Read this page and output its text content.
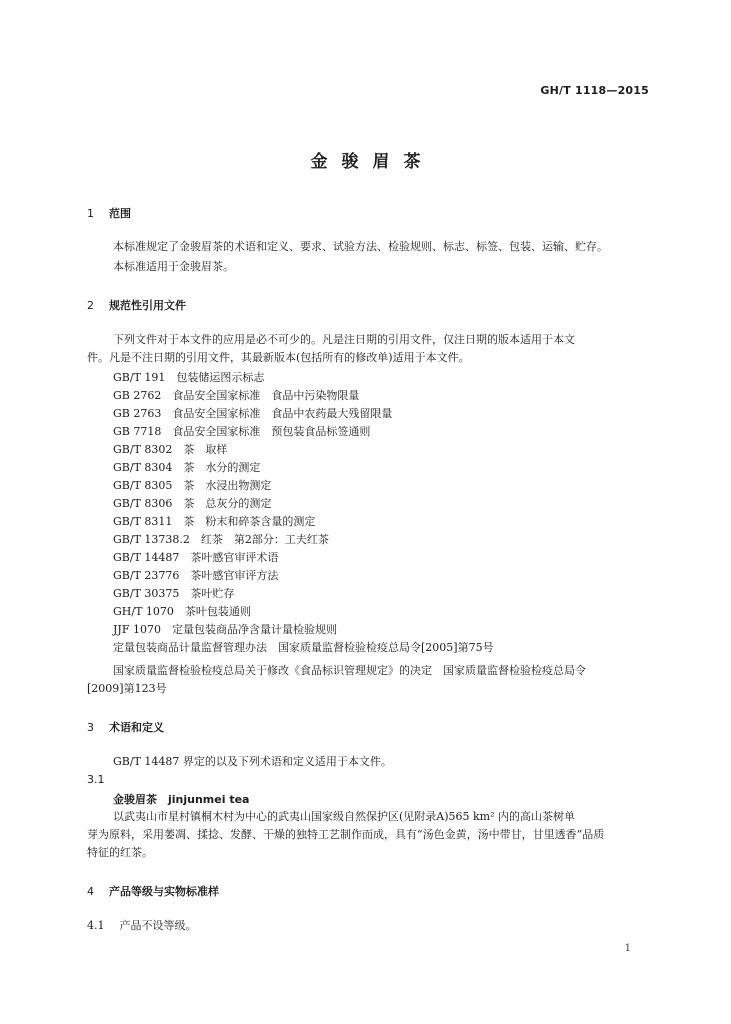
GH/T 1118—2015
金骏眉茶
1 范围
本标准规定了金骏眉茶的术语和定义、要求、试验方法、检验规则、标志、标签、包装、运输、贮存。
本标准适用于金骏眉茶。
2 规范性引用文件
下列文件对于本文件的应用是必不可少的。凡是注日期的引用文件，仅注日期的版本适用于本文
件。凡是不注日期的引用文件，其最新版本(包括所有的修改单)适用于本文件。
GB/T 191　包装储运图示标志
GB 2762　食品安全国家标准　食品中污染物限量
GB 2763　食品安全国家标准　食品中农药最大残留限量
GB 7718　食品安全国家标准　预包装食品标签通则
GB/T 8302　茶　取样
GB/T 8304　茶　水分的测定
GB/T 8305　茶　水浸出物测定
GB/T 8306　茶　总灰分的测定
GB/T 8311　茶　粉末和碎茶含量的测定
GB/T 13738.2　红茶　第2部分：工夫红茶
GB/T 14487　茶叶感官审评术语
GB/T 23776　茶叶感官审评方法
GB/T 30375　茶叶贮存
GH/T 1070　茶叶包装通则
JJF 1070　定量包装商品净含量计量检验规则
定量包装商品计量监督管理办法　国家质量监督检验检疫总局令[2005]第75号
国家质量监督检验检疫总局关于修改《食品标识管理规定》的决定　国家质量监督检验检疫总局令
[2009]第123号
3 术语和定义
GB/T 14487 界定的以及下列术语和定义适用于本文件。
3.1
金骏眉茶　jinjunmei tea
以武夷山市星村镇桐木村为中心的武夷山国家级自然保护区(见附录A)565 km² 内的高山茶树单
芽为原料，采用萎凋、揉捻、发酵、干燥的独特工艺制作而成，具有“汤色金黄，汤中带甘，甘里透香”品质
特征的红茶。
4 产品等级与实物标准样
4.1 产品不设等级。
1
